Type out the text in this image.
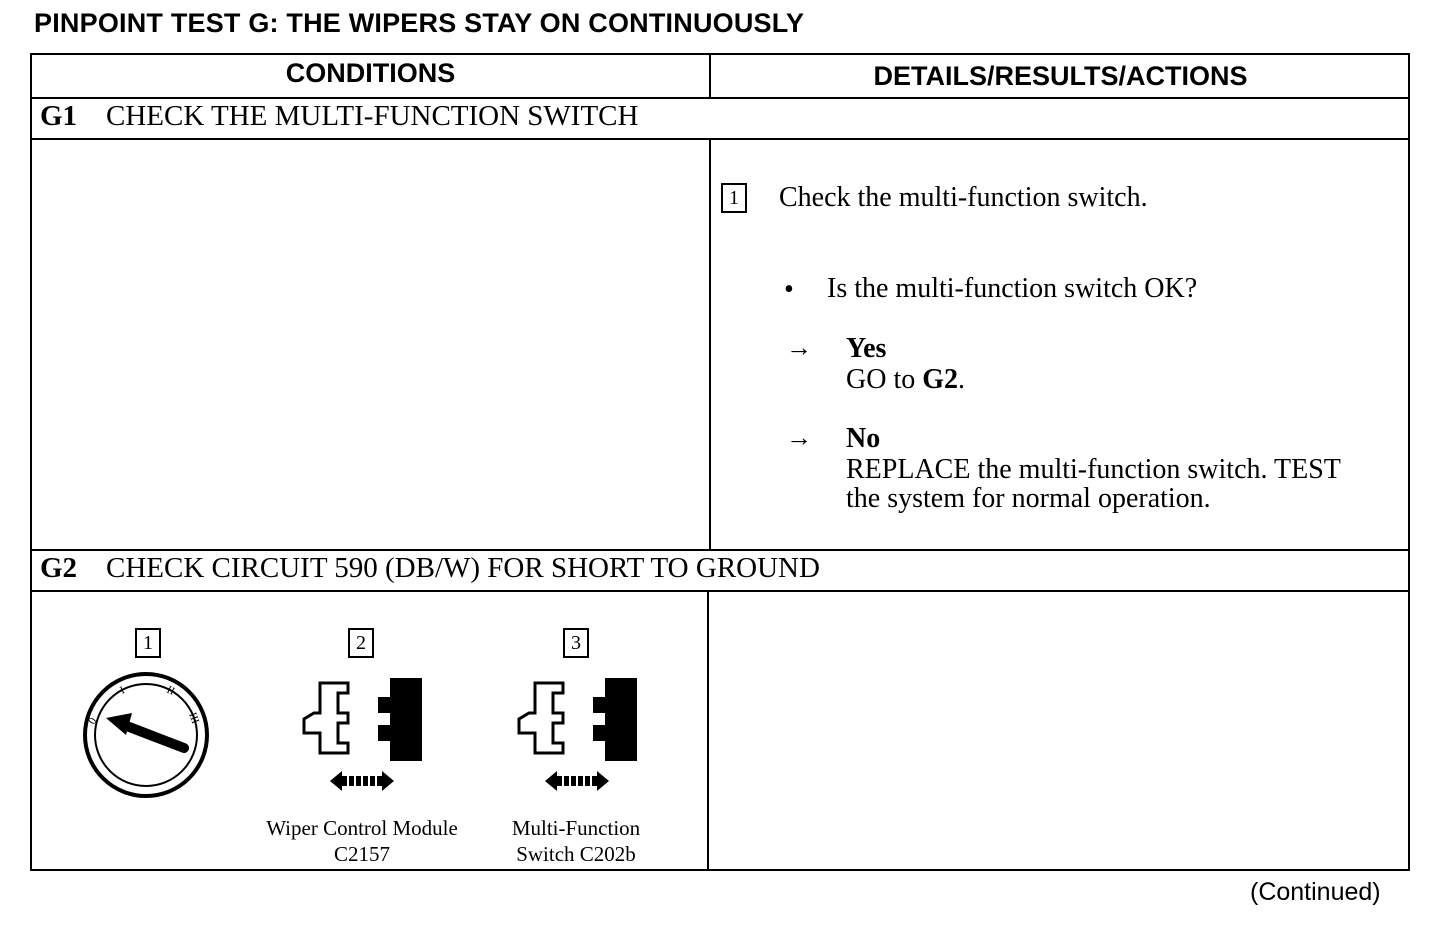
PINPOINT TEST G: THE WIPERS STAY ON CONTINUOUSLY
CONDITIONS	DETAILS/RESULTS/ACTIONS
G1 CHECK THE MULTI-FUNCTION SWITCH
1 Check the multi-function switch.
• Is the multi-function switch OK?
→ Yes
GO to G2.
→ No
REPLACE the multi-function switch. TEST
the system for normal operation.
G2 CHECK CIRCUIT 590 (DB/W) FOR SHORT TO GROUND
1	2	3
0
I	II
III
Wiper Control Module
C2157
Multi-Function
Switch C202b
(Continued)
